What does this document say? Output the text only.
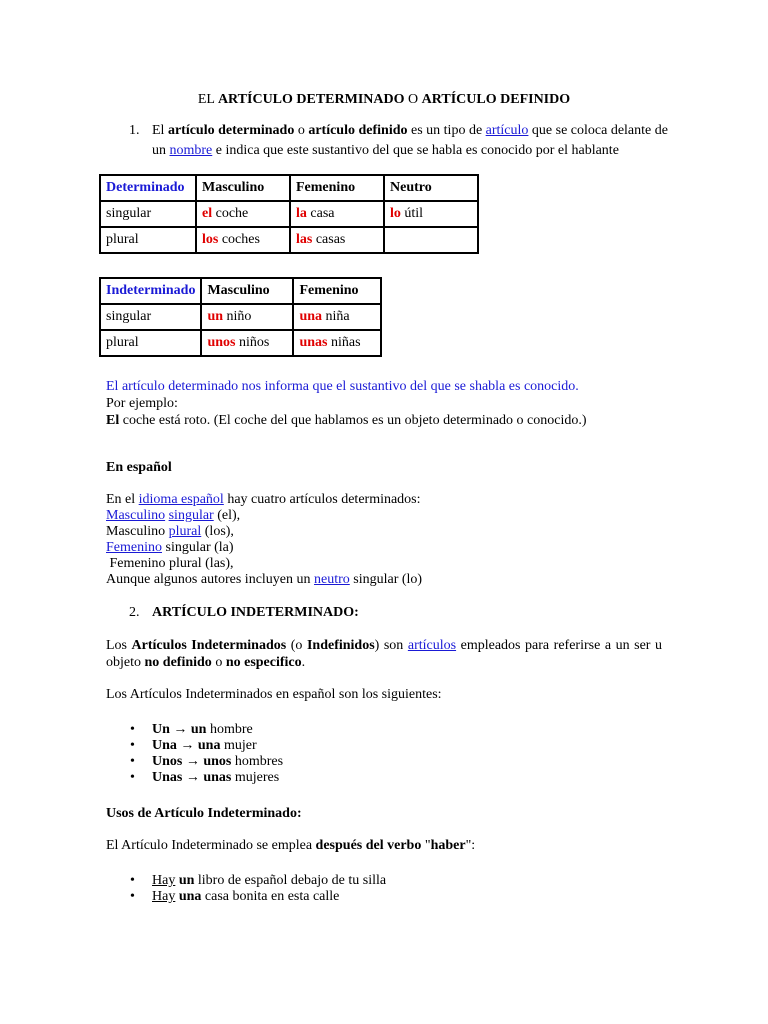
EL ARTÍCULO DETERMINADO O ARTÍCULO DEFINIDO
1. El artículo determinado o artículo definido es un tipo de artículo que se coloca delante de
un nombre e indica que este sustantivo del que se habla es conocido por el hablante
Determinado	Masculino	Femenino	Neutro
singular	el coche	la casa	lo útil
plural	los coches	las casas	
Indeterminado	Masculino	Femenino
singular	un niño	una niña
plural	unos niños	unas niñas
El artículo determinado nos informa que el sustantivo del que se shabla es conocido.
Por ejemplo:
El coche está roto. (El coche del que hablamos es un objeto determinado o conocido.)
En español
En el idioma español hay cuatro artículos determinados:
Masculino singular (el),
Masculino plural (los),
Femenino singular (la)
Femenino plural (las),
Aunque algunos autores incluyen un neutro singular (lo)
2. ARTÍCULO INDETERMINADO:
Los Artículos Indeterminados (o Indefinidos) son artículos empleados para referirse a un ser u
objeto no definido o no especifico.
Los Artículos Indeterminados en español son los siguientes:
• Un → un hombre
• Una → una mujer
• Unos → unos hombres
• Unas → unas mujeres
Usos de Artículo Indeterminado:
El Artículo Indeterminado se emplea después del verbo "haber":
• Hay un libro de español debajo de tu silla
• Hay una casa bonita en esta calle
